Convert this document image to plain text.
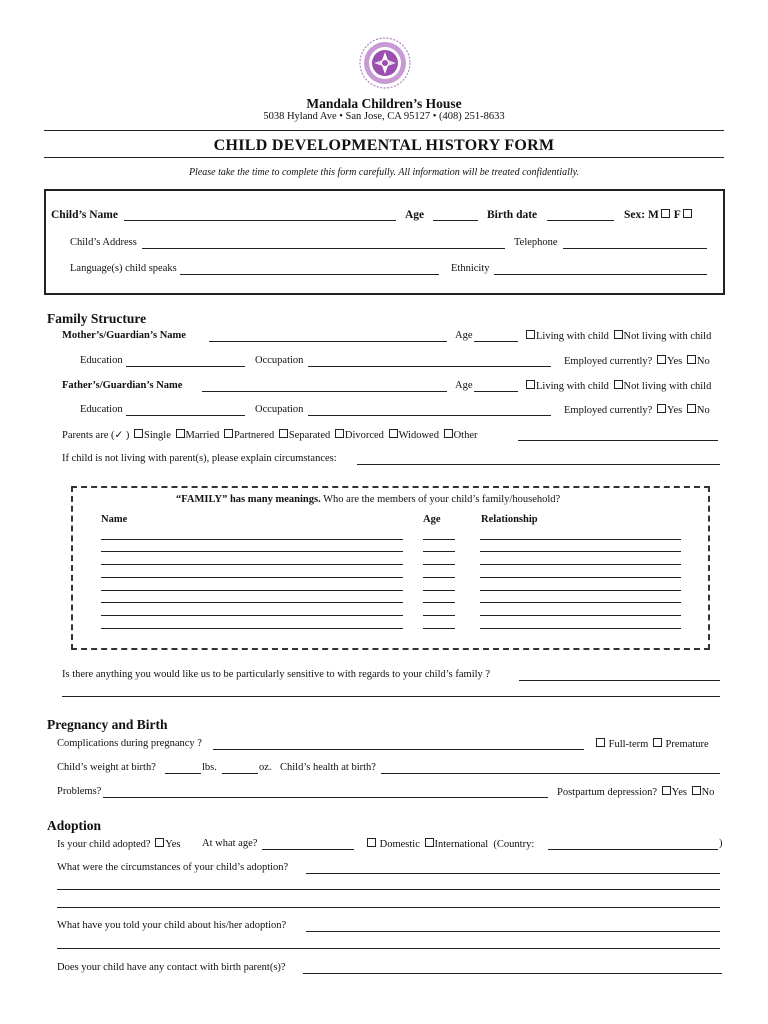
Mandala Children’s House
5038 Hyland Ave • San Jose, CA 95127 • (408) 251-8633
CHILD DEVELOPMENTAL HISTORY FORM
Please take the time to complete this form carefully. All information will be treated confidentially.
Child’s Name	Age	Birth date	Sex: M F
Child’s Address	Telephone
Language(s) child speaks	Ethnicity
Family Structure
Mother’s/Guardian’s Name	Age	Living with child Not living with child
Education	Occupation	Employed currently? Yes No
Father’s/Guardian’s Name	Age	Living with child Not living with child
Education	Occupation	Employed currently? Yes No
Parents are (✓ ) Single Married Partnered Separated Divorced Widowed Other
If child is not living with parent(s), please explain circumstances:
“FAMILY” has many meanings. Who are the members of your child’s family/household?
Name	Age	Relationship
Is there anything you would like us to be particularly sensitive to with regards to your child’s family ?
Pregnancy and Birth
Complications during pregnancy ?	Full-term Premature
Child’s weight at birth?	lbs.	oz. Child’s health at birth?
Problems?	Postpartum depression? Yes No
Adoption
Is your child adopted? Yes At what age?	Domestic International (Country:	)
What were the circumstances of your child’s adoption?
What have you told your child about his/her adoption?
Does your child have any contact with birth parent(s)?
